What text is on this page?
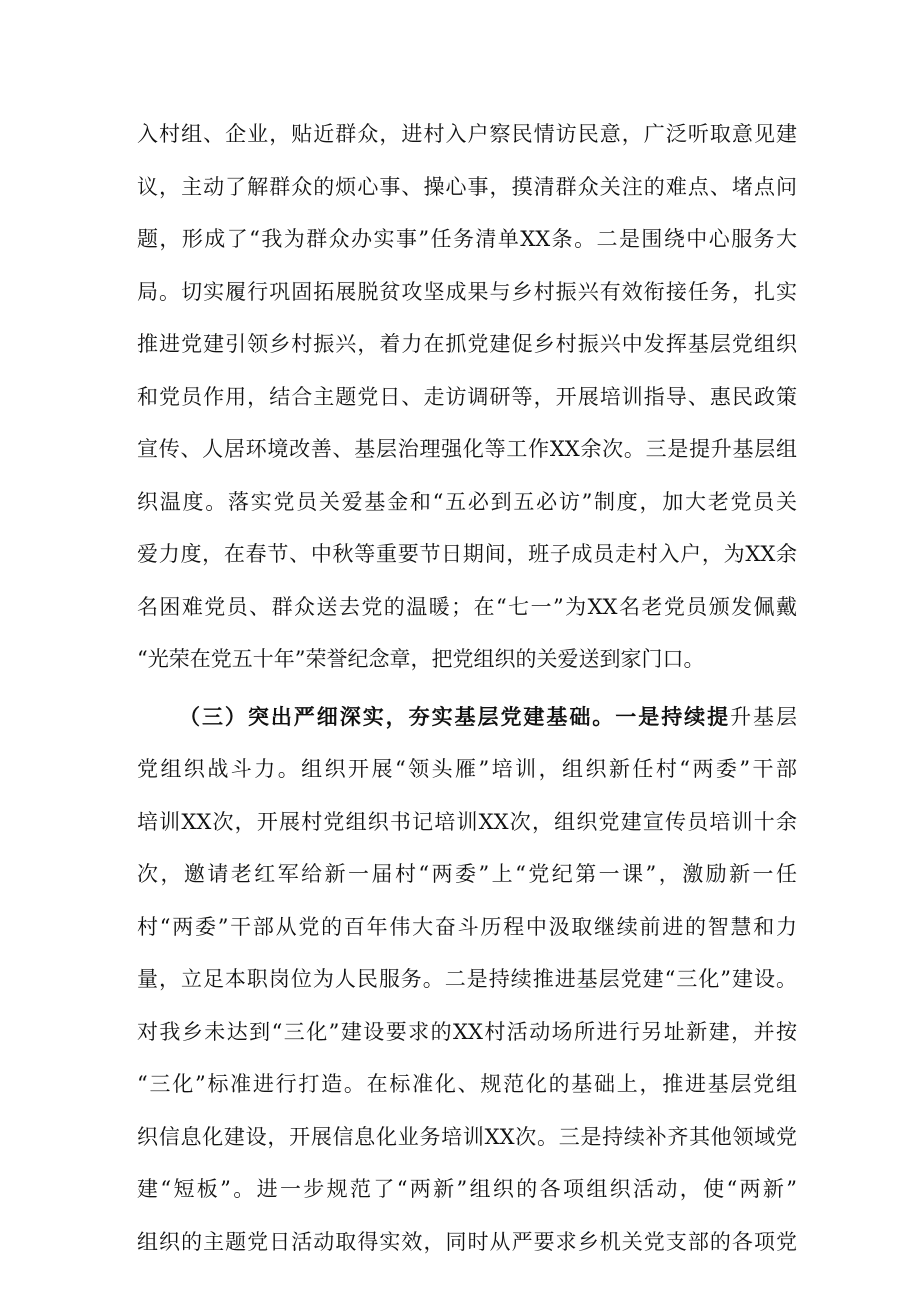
入村组、企业，贴近群众，进村入户察民情访民意，广泛听取意见建
议，主动了解群众的烦心事、操心事，摸清群众关注的难点、堵点问
题，形成了“我为群众办实事”任务清单XX条。二是围绕中心服务大
局。切实履行巩固拓展脱贫攻坚成果与乡村振兴有效衔接任务，扎实
推进党建引领乡村振兴，着力在抓党建促乡村振兴中发挥基层党组织
和党员作用，结合主题党日、走访调研等，开展培训指导、惠民政策
宣传、人居环境改善、基层治理强化等工作XX余次。三是提升基层组
织温度。落实党员关爱基金和“五必到五必访”制度，加大老党员关
爱力度，在春节、中秋等重要节日期间，班子成员走村入户，为XX余
名困难党员、群众送去党的温暖；在“七一”为XX名老党员颁发佩戴
“光荣在党五十年”荣誉纪念章，把党组织的关爱送到家门口。
（三）突出严细深实，夯实基层党建基础。一是持续提升基层
党组织战斗力。组织开展“领头雁”培训，组织新任村“两委”干部
培训XX次，开展村党组织书记培训XX次，组织党建宣传员培训十余
次，邀请老红军给新一届村“两委”上“党纪第一课”，激励新一任
村“两委”干部从党的百年伟大奋斗历程中汲取继续前进的智慧和力
量，立足本职岗位为人民服务。二是持续推进基层党建“三化”建设。
对我乡未达到“三化”建设要求的XX村活动场所进行另址新建，并按
“三化”标准进行打造。在标准化、规范化的基础上，推进基层党组
织信息化建设，开展信息化业务培训XX次。三是持续补齐其他领域党
建“短板”。进一步规范了“两新”组织的各项组织活动，使“两新”
组织的主题党日活动取得实效，同时从严要求乡机关党支部的各项党
